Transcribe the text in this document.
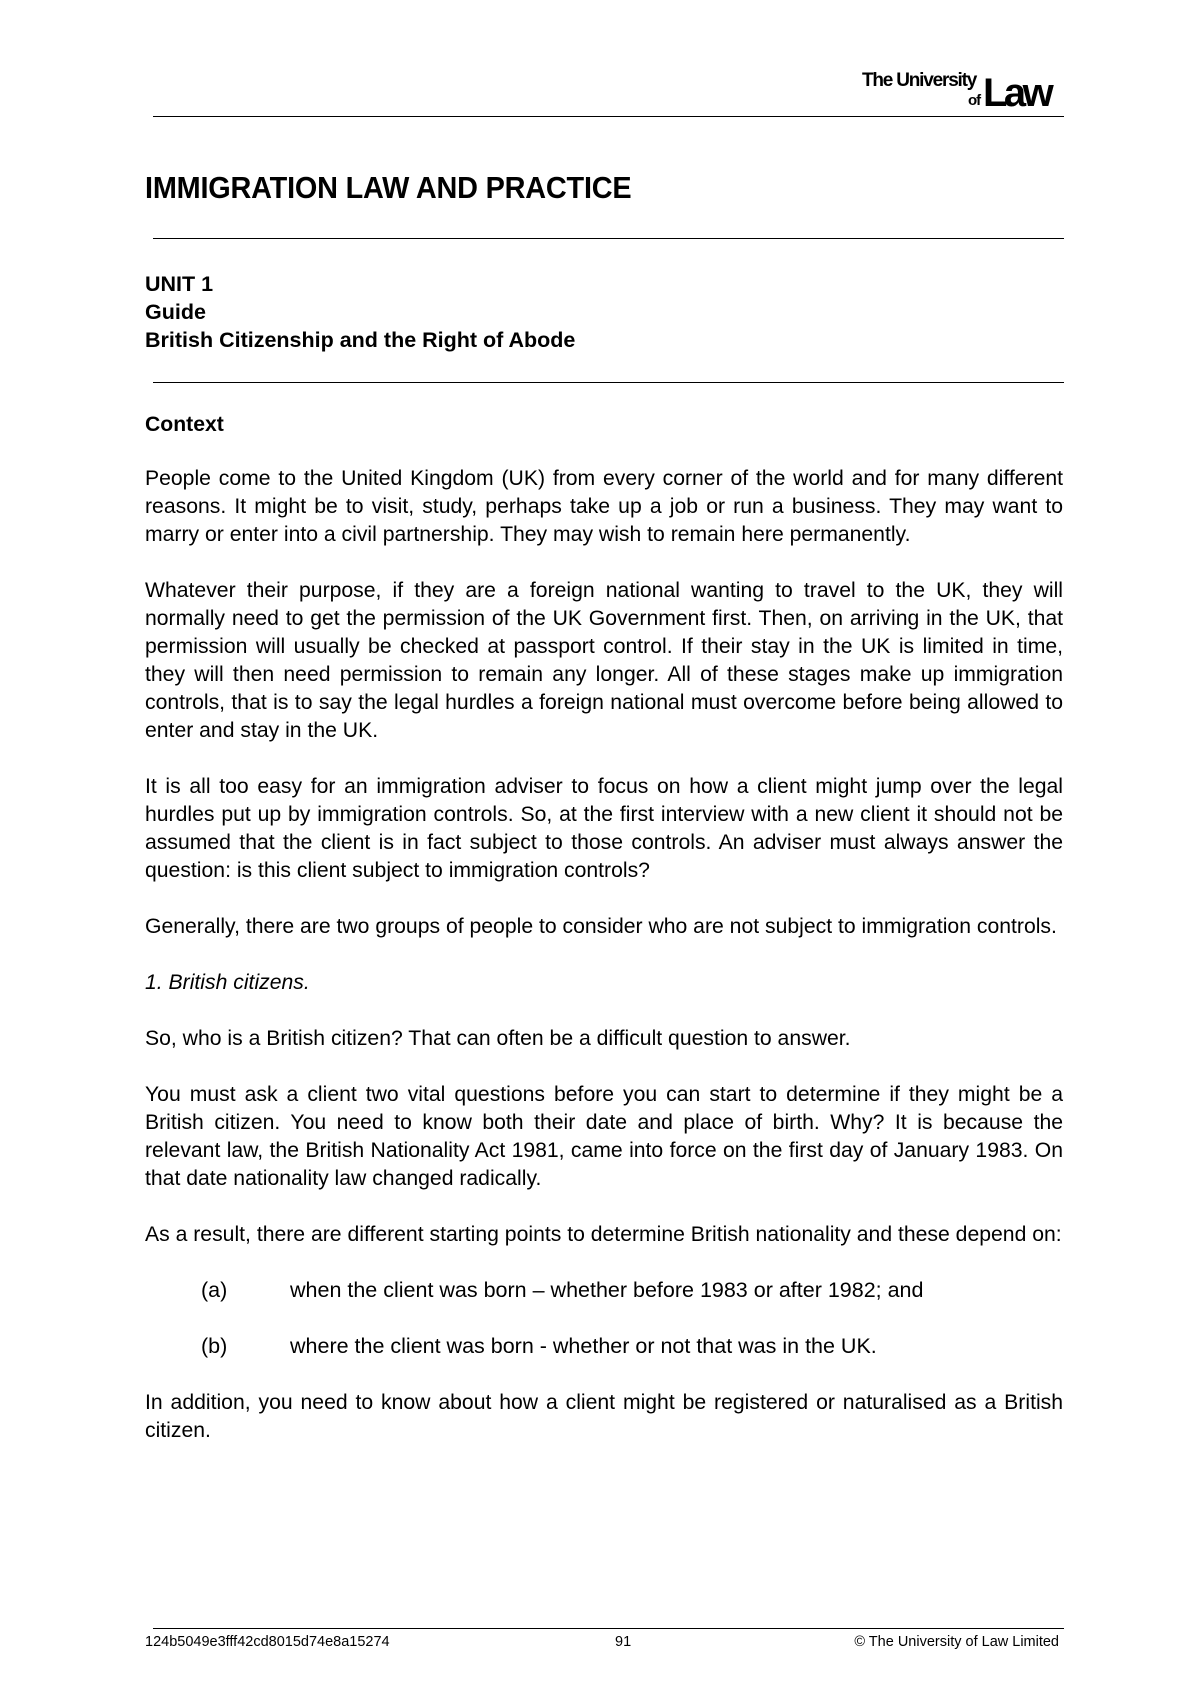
The University
of Law
IMMIGRATION LAW AND PRACTICE
UNIT 1
Guide
British Citizenship and the Right of Abode

Context

People come to the United Kingdom (UK) from every corner of the world and for many different reasons. It might be to visit, study, perhaps take up a job or run a business. They may want to marry or enter into a civil partnership. They may wish to remain here permanently.

Whatever their purpose, if they are a foreign national wanting to travel to the UK, they will normally need to get the permission of the UK Government first. Then, on arriving in the UK, that permission will usually be checked at passport control. If their stay in the UK is limited in time, they will then need permission to remain any longer. All of these stages make up immigration controls, that is to say the legal hurdles a foreign national must overcome before being allowed to enter and stay in the UK.

It is all too easy for an immigration adviser to focus on how a client might jump over the legal hurdles put up by immigration controls. So, at the first interview with a new client it should not be assumed that the client is in fact subject to those controls. An adviser must always answer the question: is this client subject to immigration controls?

Generally, there are two groups of people to consider who are not subject to immigration controls.

1. British citizens.

So, who is a British citizen? That can often be a difficult question to answer.

You must ask a client two vital questions before you can start to determine if they might be a British citizen. You need to know both their date and place of birth. Why? It is because the relevant law, the British Nationality Act 1981, came into force on the first day of January 1983. On that date nationality law changed radically.

As a result, there are different starting points to determine British nationality and these depend on:

(a)	when the client was born – whether before 1983 or after 1982; and
(b)	where the client was born - whether or not that was in the UK.

In addition, you need to know about how a client might be registered or naturalised as a British citizen.

124b5049e3fff42cd8015d74e8a15274	91	© The University of Law Limited
